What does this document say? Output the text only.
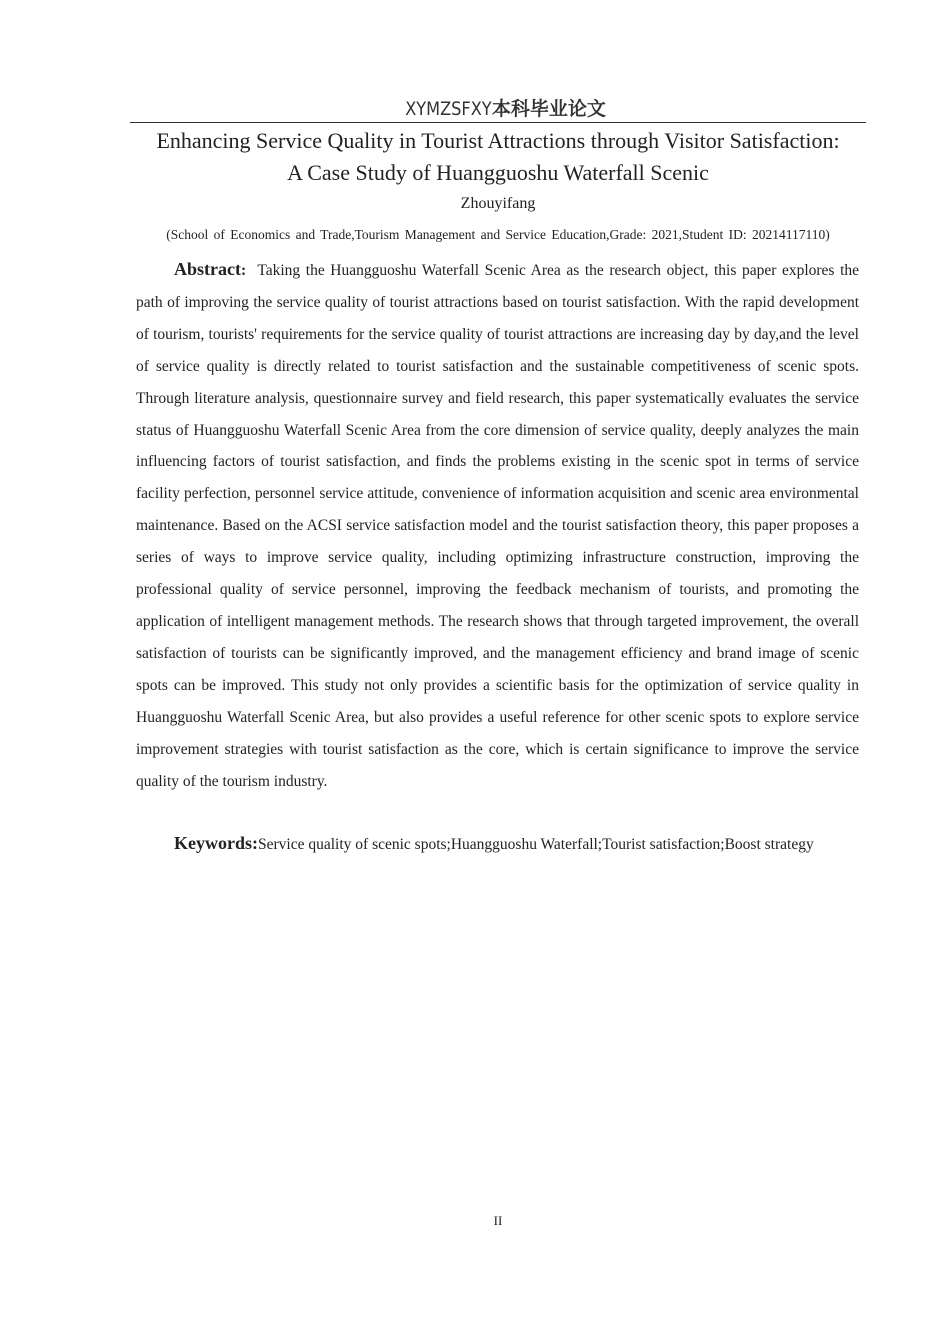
XYMZSFXY本科毕业论文
Enhancing Service Quality in Tourist Attractions through Visitor Satisfaction:
A Case Study of Huangguoshu Waterfall Scenic
Zhouyifang
(School of Economics and Trade,Tourism Management and Service Education,Grade: 2021,Student ID: 20214117110)

Abstract: Taking the Huangguoshu Waterfall Scenic Area as the research object, this paper explores the path of improving the service quality of tourist attractions based on tourist satisfaction. With the rapid development of tourism, tourists' requirements for the service quality of tourist attractions are increasing day by day,and the level of service quality is directly related to tourist satisfaction and the sustainable competitiveness of scenic spots. Through literature analysis, questionnaire survey and field research, this paper systematically evaluates the service status of Huangguoshu Waterfall Scenic Area from the core dimension of service quality, deeply analyzes the main influencing factors of tourist satisfaction, and finds the problems existing in the scenic spot in terms of service facility perfection, personnel service attitude, convenience of information acquisition and scenic area environmental maintenance. Based on the ACSI service satisfaction model and the tourist satisfaction theory, this paper proposes a series of ways to improve service quality, including optimizing infrastructure construction, improving the professional quality of service personnel, improving the feedback mechanism of tourists, and promoting the application of intelligent management methods. The research shows that through targeted improvement, the overall satisfaction of tourists can be significantly improved, and the management efficiency and brand image of scenic spots can be improved. This study not only provides a scientific basis for the optimization of service quality in Huangguoshu Waterfall Scenic Area, but also provides a useful reference for other scenic spots to explore service improvement strategies with tourist satisfaction as the core, which is certain significance to improve the service quality of the tourism industry.

Keywords:Service quality of scenic spots;Huangguoshu Waterfall;Tourist satisfaction;Boost strategy

II
